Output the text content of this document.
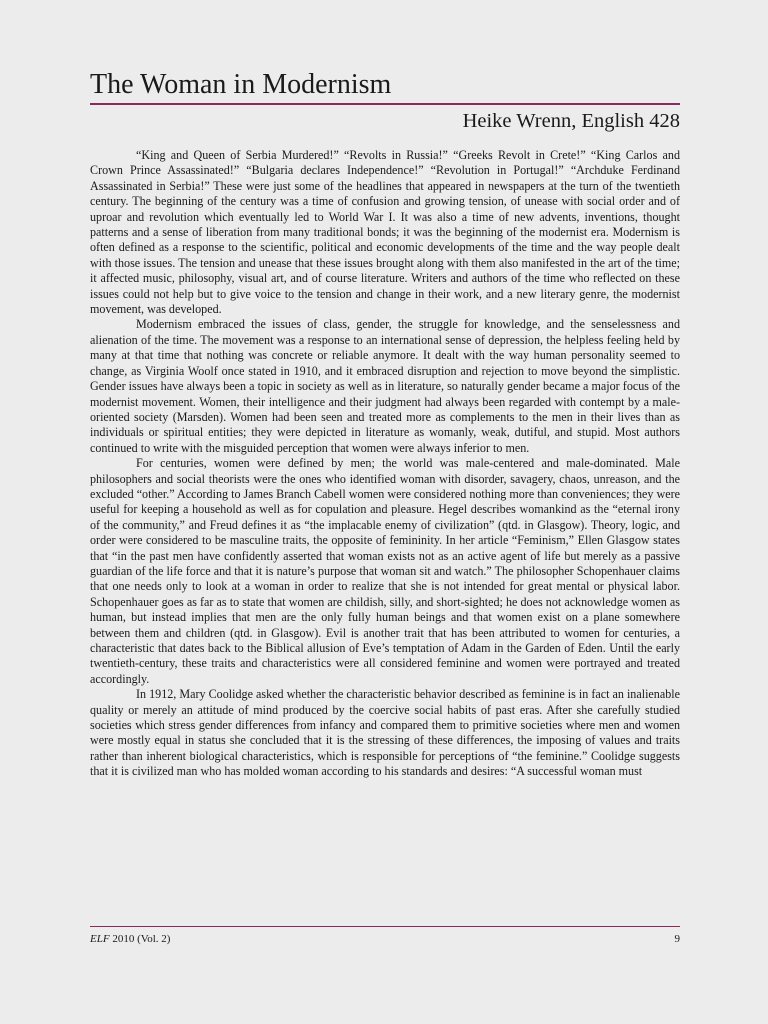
The Woman in Modernism

Heike Wrenn, English 428

“King and Queen of Serbia Murdered!” “Revolts in Russia!” “Greeks Revolt in Crete!” “King Carlos and Crown Prince Assassinated!” “Bulgaria declares Independence!” “Revolution in Portugal!” “Archduke Ferdinand Assassinated in Serbia!” These were just some of the headlines that appeared in newspapers at the turn of the twentieth century. The beginning of the century was a time of confusion and growing tension, of unease with social order and of uproar and revolution which eventually led to World War I. It was also a time of new advents, inventions, thought patterns and a sense of liberation from many traditional bonds; it was the beginning of the modernist era. Modernism is often defined as a response to the scientific, political and economic developments of the time and the way people dealt with those issues. The tension and unease that these issues brought along with them also manifested in the art of the time; it affected music, philosophy, visual art, and of course literature. Writers and authors of the time who reflected on these issues could not help but to give voice to the tension and change in their work, and a new literary genre, the modernist movement, was developed.

Modernism embraced the issues of class, gender, the struggle for knowledge, and the senselessness and alienation of the time. The movement was a response to an international sense of depression, the helpless feeling held by many at that time that nothing was concrete or reliable anymore. It dealt with the way human personality seemed to change, as Virginia Woolf once stated in 1910, and it embraced disruption and rejection to move beyond the simplistic. Gender issues have always been a topic in society as well as in literature, so naturally gender became a major focus of the modernist movement. Women, their intelligence and their judgment had always been regarded with contempt by a male-oriented society (Marsden). Women had been seen and treated more as complements to the men in their lives than as individuals or spiritual entities; they were depicted in literature as womanly, weak, dutiful, and stupid. Most authors continued to write with the misguided perception that women were always inferior to men.

For centuries, women were defined by men; the world was male-centered and male-dominated. Male philosophers and social theorists were the ones who identified woman with disorder, savagery, chaos, unreason, and the excluded “other.” According to James Branch Cabell women were considered nothing more than conveniences; they were useful for keeping a household as well as for copulation and pleasure. Hegel describes womankind as the “eternal irony of the community,” and Freud defines it as “the implacable enemy of civilization” (qtd. in Glasgow). Theory, logic, and order were considered to be masculine traits, the opposite of femininity. In her article “Feminism,” Ellen Glasgow states that “in the past men have confidently asserted that woman exists not as an active agent of life but merely as a passive guardian of the life force and that it is nature’s purpose that woman sit and watch.” The philosopher Schopenhauer claims that one needs only to look at a woman in order to realize that she is not intended for great mental or physical labor. Schopenhauer goes as far as to state that women are childish, silly, and short-sighted; he does not acknowledge women as human, but instead implies that men are the only fully human beings and that women exist on a plane somewhere between them and children (qtd. in Glasgow). Evil is another trait that has been attributed to women for centuries, a characteristic that dates back to the Biblical allusion of Eve’s temptation of Adam in the Garden of Eden. Until the early twentieth-century, these traits and characteristics were all considered feminine and women were portrayed and treated accordingly.

In 1912, Mary Coolidge asked whether the characteristic behavior described as feminine is in fact an inalienable quality or merely an attitude of mind produced by the coercive social habits of past eras. After she carefully studied societies which stress gender differences from infancy and compared them to primitive societies where men and women were mostly equal in status she concluded that it is the stressing of these differences, the imposing of values and traits rather than inherent biological characteristics, which is responsible for perceptions of “the feminine.” Coolidge suggests that it is civilized man who has molded woman according to his standards and desires: “A successful woman must

ELF 2010 (Vol. 2)	9
